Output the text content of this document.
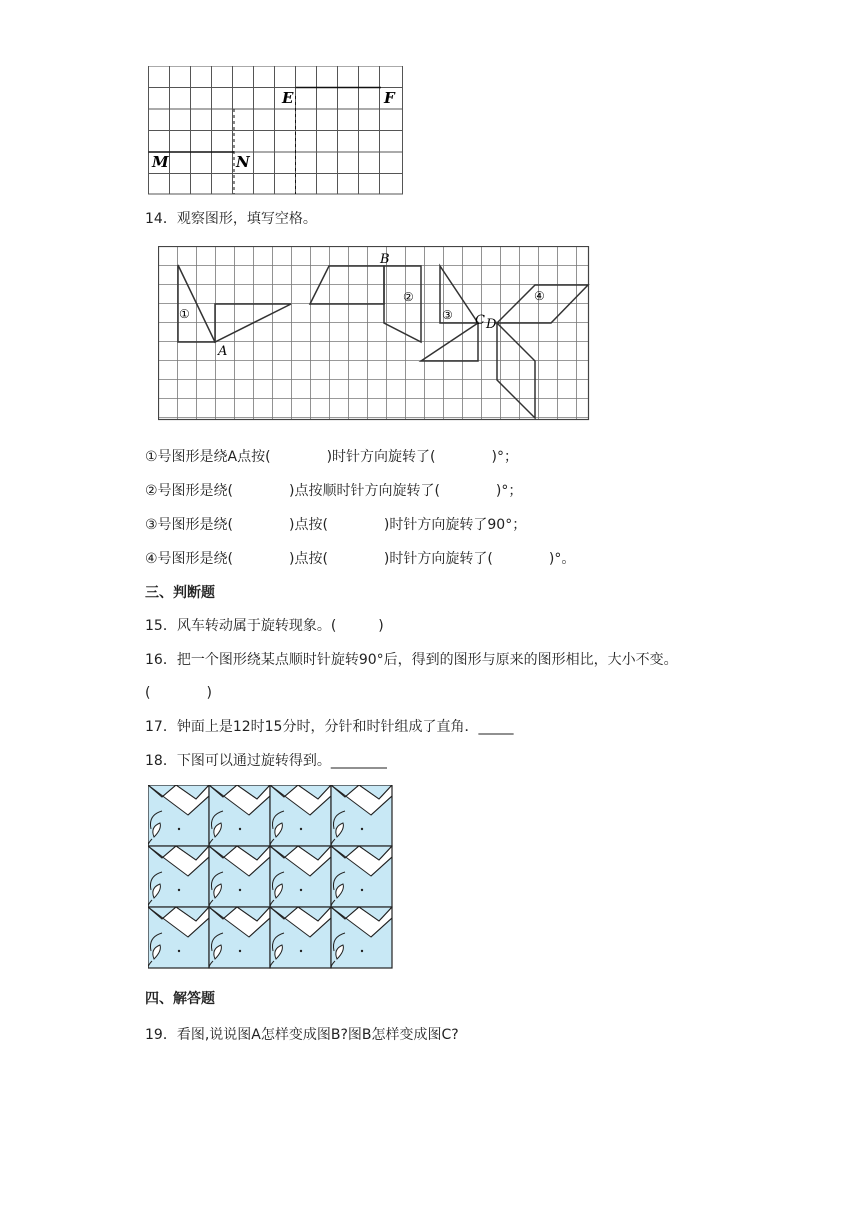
E	F
M	N
14．观察图形，填写空格。
B
A
C D
①
②
③
④
①号图形是绕A点按(　　　　)时针方向旋转了(　　　　)°；
②号图形是绕(　　　　)点按顺时针方向旋转了(　　　　)°；
③号图形是绕(　　　　)点按(　　　　)时针方向旋转了90°；
④号图形是绕(　　　　)点按(　　　　)时针方向旋转了(　　　　)°。
三、判断题
15．风车转动属于旋转现象。(　　　)
16．把一个图形绕某点顺时针旋转90°后，得到的图形与原来的图形相比，大小不变。
(　　　　)
17．钟面上是12时15分时，分针和时针组成了直角．_____
18．下图可以通过旋转得到。________
四、解答题
19．看图,说说图A怎样变成图B?图B怎样变成图C?
